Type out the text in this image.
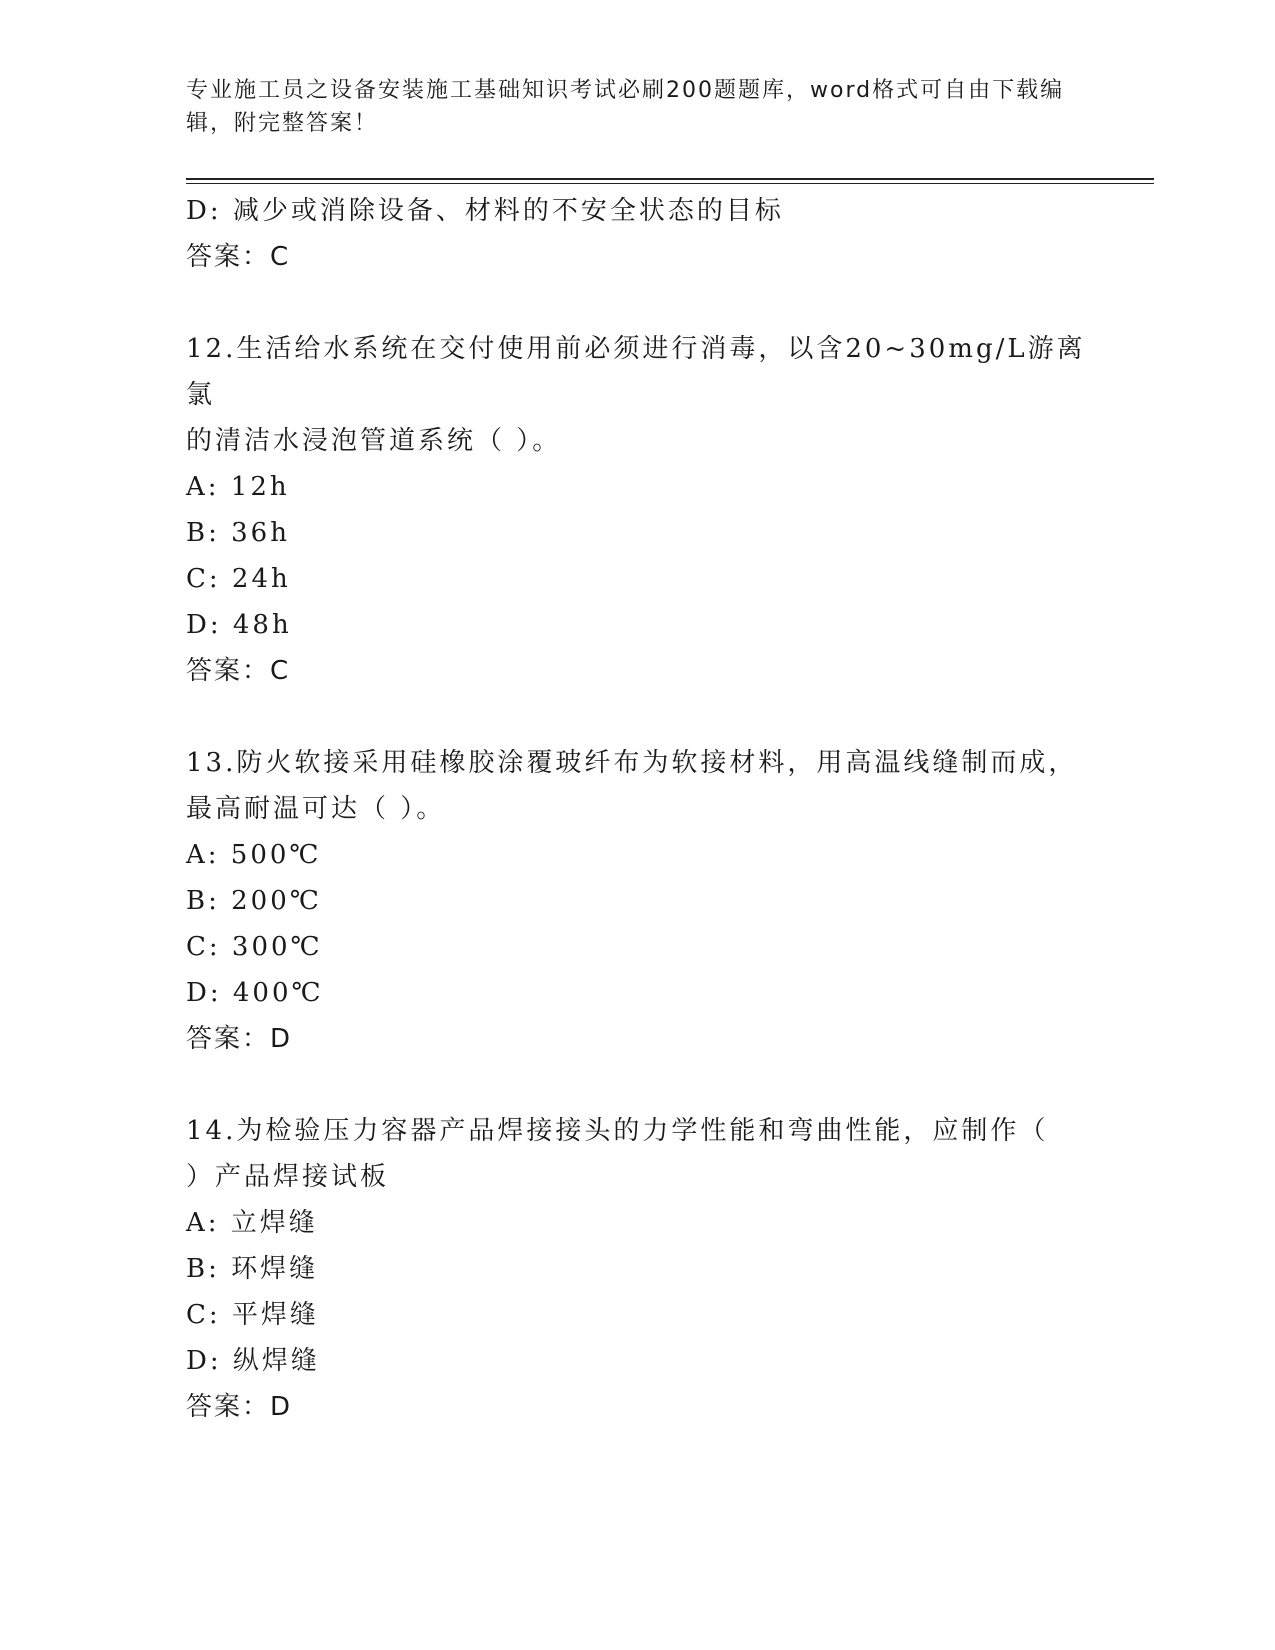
专业施工员之设备安装施工基础知识考试必刷200题题库，word格式可自由下载编辑，附完整答案！
D: 减少或消除设备、材料的不安全状态的目标
答案：C
12.生活给水系统在交付使用前必须进行消毒，以含20~30mg/L游离氯
的清洁水浸泡管道系统（ ）。
A: 12h
B: 36h
C: 24h
D: 48h
答案：C
13.防火软接采用硅橡胶涂覆玻纤布为软接材料，用高温线缝制而成，
最高耐温可达（ ）。
A: 500℃
B: 200℃
C: 300℃
D: 400℃
答案：D
14.为检验压力容器产品焊接接头的力学性能和弯曲性能，应制作（
）产品焊接试板
A: 立焊缝
B: 环焊缝
C: 平焊缝
D: 纵焊缝
答案：D
